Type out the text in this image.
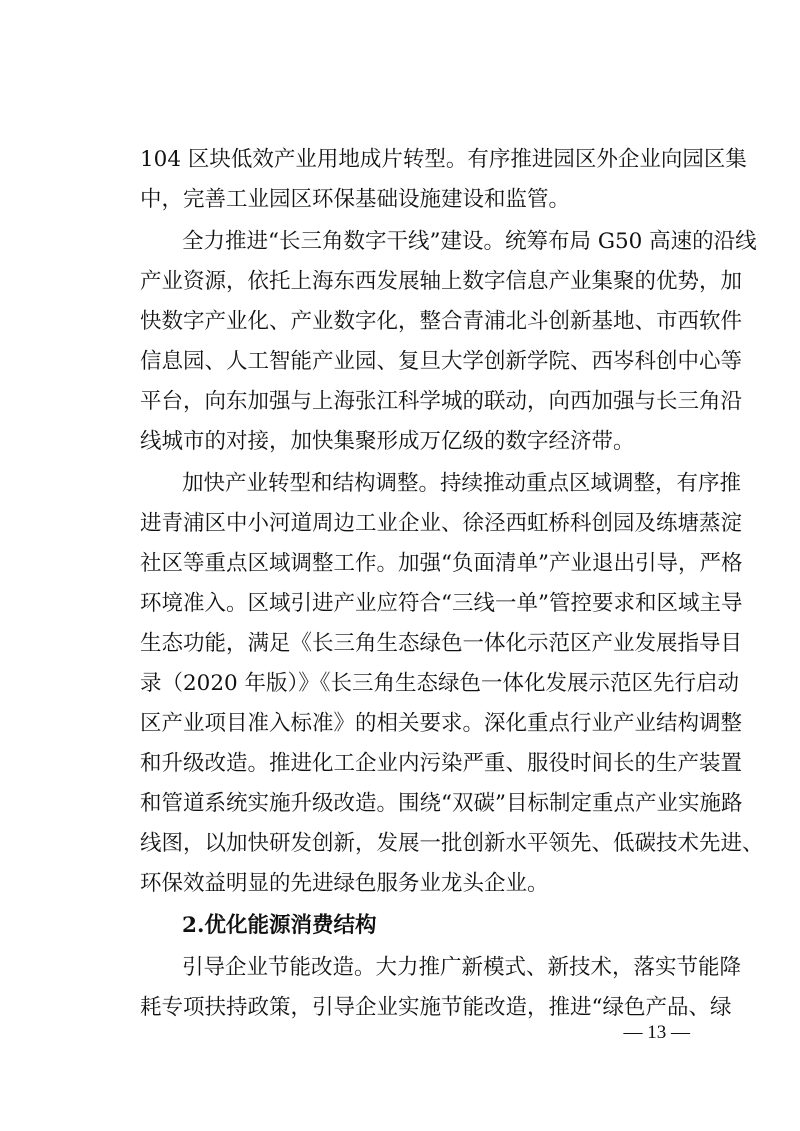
104 区块低效产业用地成片转型。有序推进园区外企业向园区集
中，完善工业园区环保基础设施建设和监管。
全力推进“长三角数字干线”建设。统筹布局 G50 高速的沿线
产业资源，依托上海东西发展轴上数字信息产业集聚的优势，加
快数字产业化、产业数字化，整合青浦北斗创新基地、市西软件
信息园、人工智能产业园、复旦大学创新学院、西岑科创中心等
平台，向东加强与上海张江科学城的联动，向西加强与长三角沿
线城市的对接，加快集聚形成万亿级的数字经济带。
加快产业转型和结构调整。持续推动重点区域调整，有序推
进青浦区中小河道周边工业企业、徐泾西虹桥科创园及练塘蒸淀
社区等重点区域调整工作。加强“负面清单”产业退出引导，严格
环境准入。区域引进产业应符合“三线一单”管控要求和区域主导
生态功能，满足《长三角生态绿色一体化示范区产业发展指导目
录（2020 年版）》《长三角生态绿色一体化发展示范区先行启动
区产业项目准入标准》的相关要求。深化重点行业产业结构调整
和升级改造。推进化工企业内污染严重、服役时间长的生产装置
和管道系统实施升级改造。围绕“双碳”目标制定重点产业实施路
线图，以加快研发创新，发展一批创新水平领先、低碳技术先进、
环保效益明显的先进绿色服务业龙头企业。
2.优化能源消费结构
引导企业节能改造。大力推广新模式、新技术，落实节能降
耗专项扶持政策，引导企业实施节能改造，推进“绿色产品、绿
— 13 —
